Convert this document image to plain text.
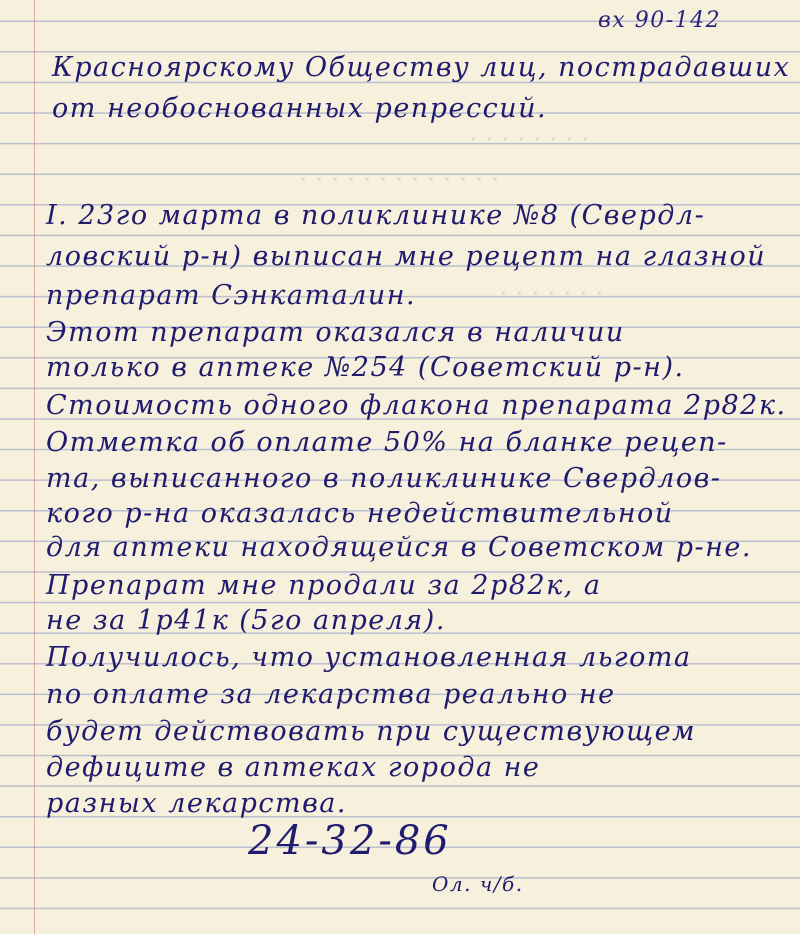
· · · · · · · ·
· · · · · · · · · · · · ·
· · · · · · ·
вх 90-142
Красноярскому Обществу лиц, пострадавших
от необоснованных репрессий.
I. 23го марта в поликлинике №8 (Свердл-
ловский р-н) выписан мне рецепт на глазной
препарат Сэнкаталин.
Этот препарат оказался в наличии
только в аптеке №254 (Советский р-н).
Стоимость одного флакона препарата 2р82к.
Отметка об оплате 50% на бланке рецеп-
та, выписанного в поликлинике Свердлов-
кого р-на оказалась недействительной
для аптеки находящейся в Советском р-не.
Препарат мне продали за 2р82к, а
не за 1р41к (5го апреля).
Получилось, что установленная льгота
по оплате за лекарства реально не
будет действовать при существующем
дефиците в аптеках города не
разных лекарства.
24-32-86
Ол. ч/б.
